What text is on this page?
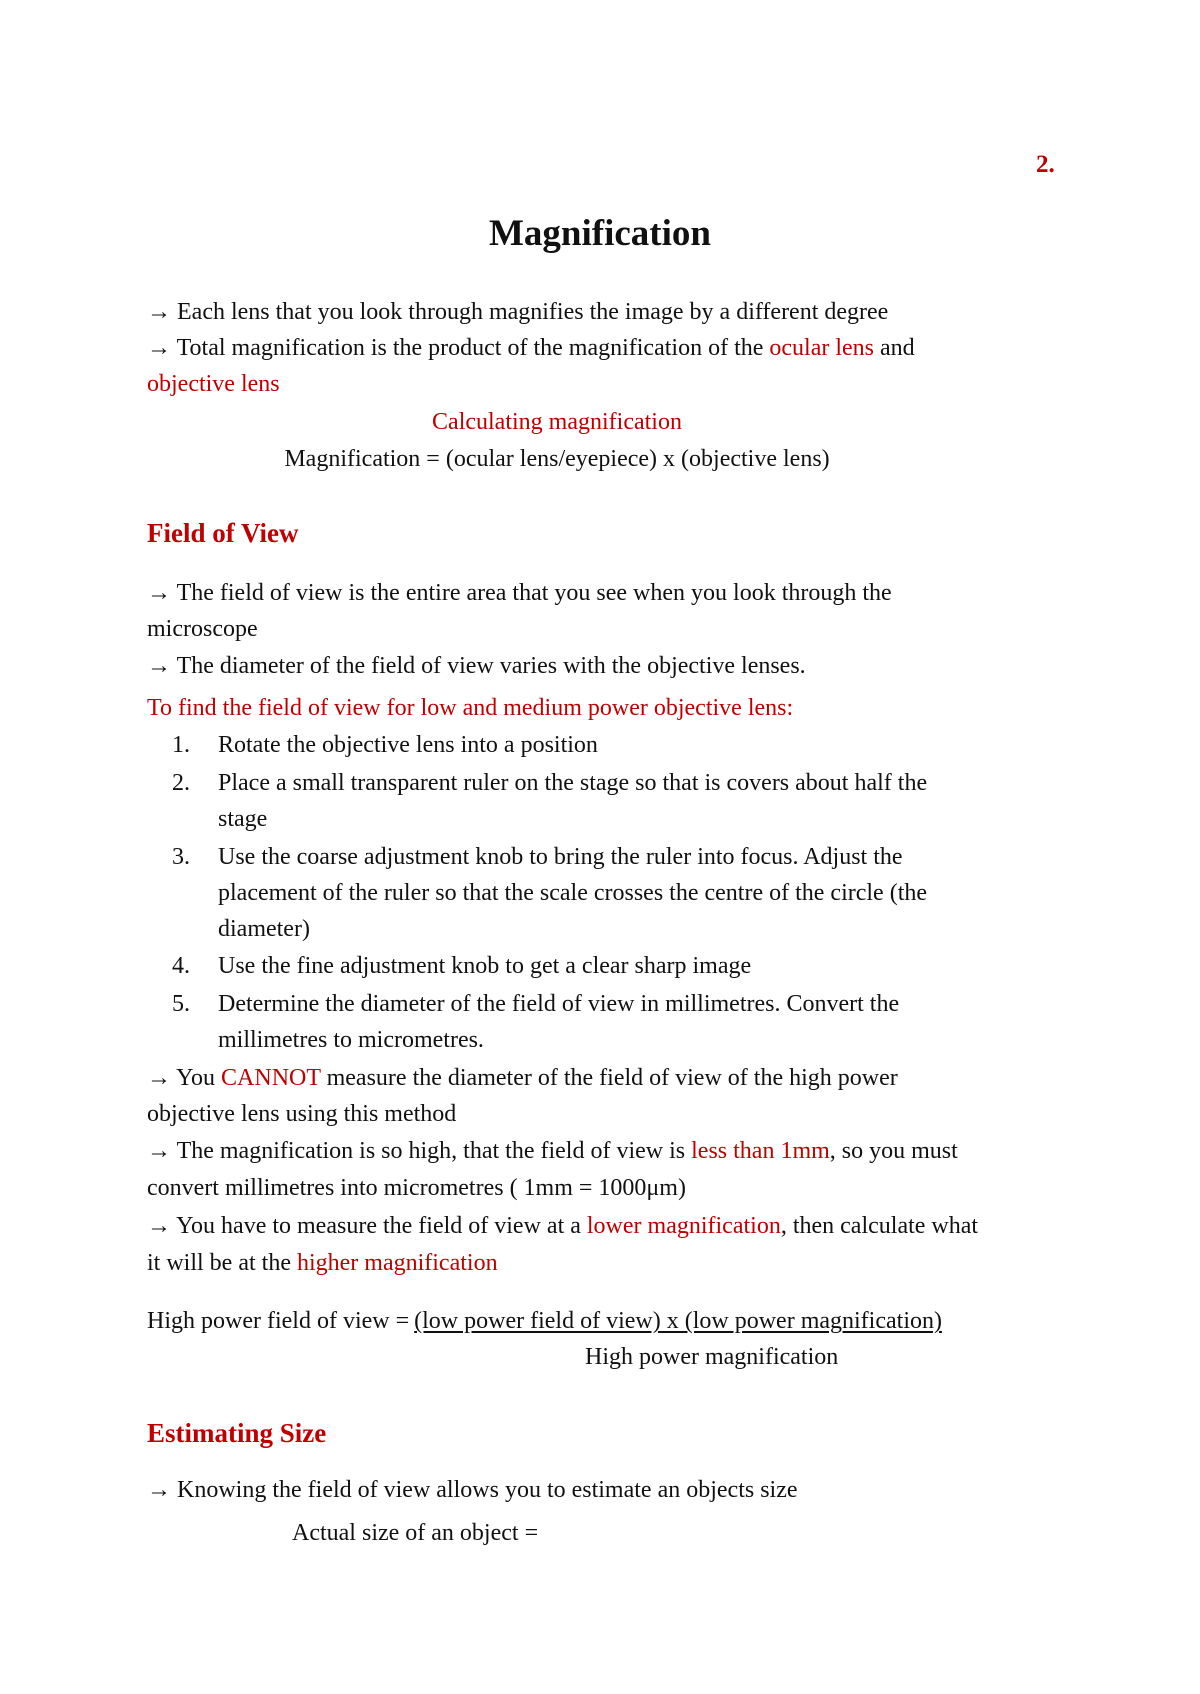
2.
Magnification
→ Each lens that you look through magnifies the image by a different degree
→ Total magnification is the product of the magnification of the ocular lens and
objective lens
Calculating magnification
Magnification = (ocular lens/eyepiece) x (objective lens)
Field of View
→ The field of view is the entire area that you see when you look through the
microscope
→ The diameter of the field of view varies with the objective lenses.
To find the field of view for low and medium power objective lens:
1. Rotate the objective lens into a position
2. Place a small transparent ruler on the stage so that is covers about half the
stage
3. Use the coarse adjustment knob to bring the ruler into focus. Adjust the
placement of the ruler so that the scale crosses the centre of the circle (the
diameter)
4. Use the fine adjustment knob to get a clear sharp image
5. Determine the diameter of the field of view in millimetres. Convert the
millimetres to micrometres.
→ You CANNOT measure the diameter of the field of view of the high power
objective lens using this method
→ The magnification is so high, that the field of view is less than 1mm, so you must
convert millimetres into micrometres ( 1mm = 1000μm)
→ You have to measure the field of view at a lower magnification, then calculate what
it will be at the higher magnification
High power field of view = (low power field of view) x (low power magnification)
High power magnification
Estimating Size
→ Knowing the field of view allows you to estimate an objects size
Actual size of an object =
